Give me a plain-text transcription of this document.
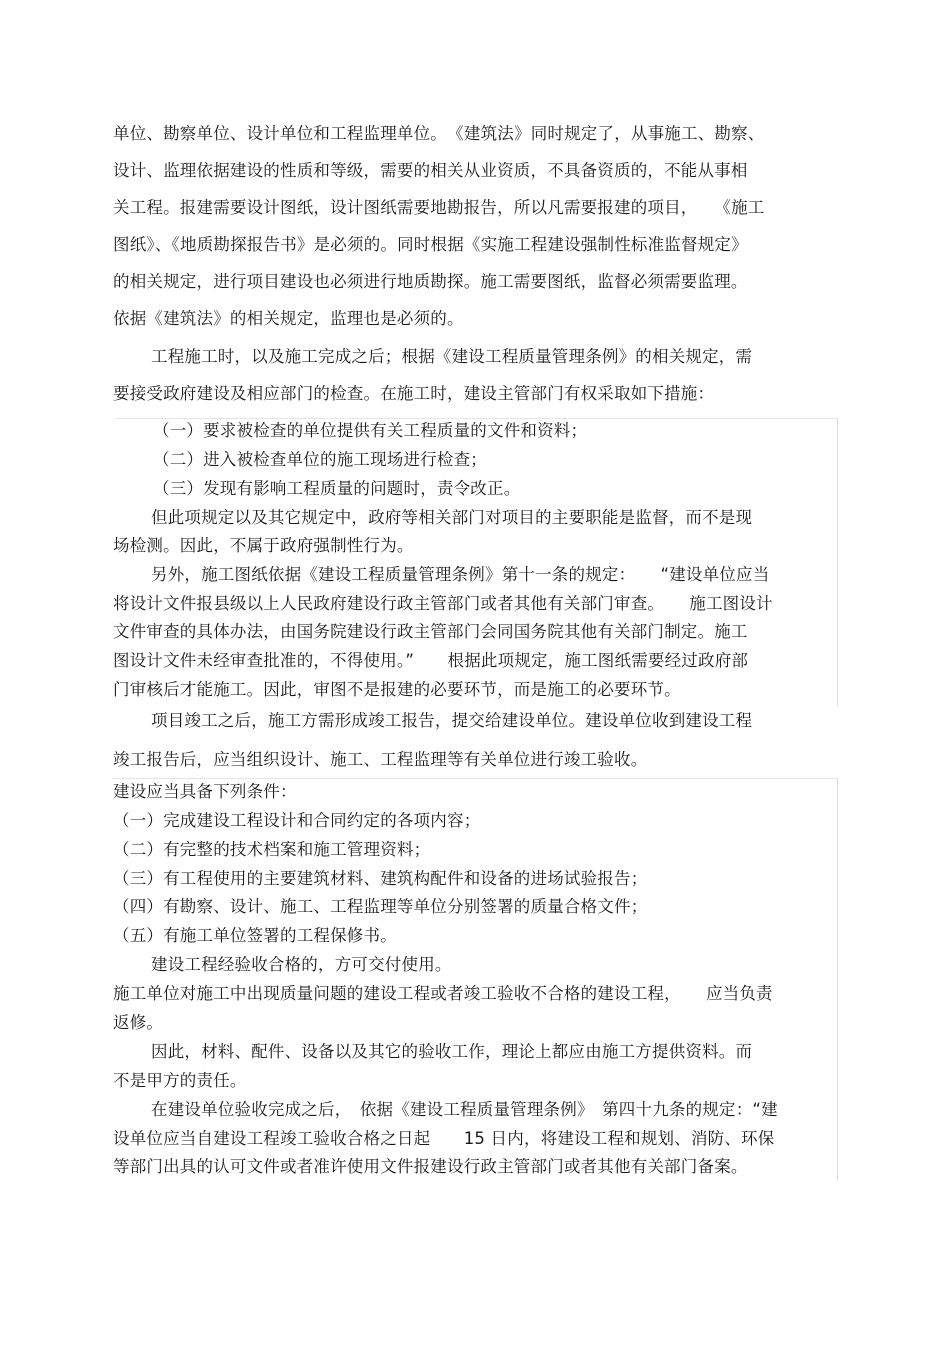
单位、勘察单位、设计单位和工程监理单位。　《建筑法》同时规定了，从事施工、勘察、
设计、监理依据建设的性质和等级，需要的相关从业资质，不具备资质的，不能从事相
关工程。报建需要设计图纸，设计图纸需要地勘报告，所以凡需要报建的项目，　　《施工
图纸》、《地质勘探报告书》是必须的。同时根据《实施工程建设强制性标准监督规定》
的相关规定，进行项目建设也必须进行地质勘探。施工需要图纸，监督必须需要监理。
依据《建筑法》的相关规定，监理也是必须的。
工程施工时，以及施工完成之后；根据《建设工程质量管理条例》的相关规定，需
要接受政府建设及相应部门的检查。在施工时，建设主管部门有权采取如下措施：
（一）要求被检查的单位提供有关工程质量的文件和资料；
（二）进入被检查单位的施工现场进行检查；
（三）发现有影响工程质量的问题时，责令改正。
但此项规定以及其它规定中，政府等相关部门对项目的主要职能是监督，而不是现
场检测。因此，不属于政府强制性行为。
另外，施工图纸依据《建设工程质量管理条例》第十一条的规定：　　“建设单位应当
将设计文件报县级以上人民政府建设行政主管部门或者其他有关部门审查。　　施工图设计
文件审查的具体办法，由国务院建设行政主管部门会同国务院其他有关部门制定。施工
图设计文件未经审查批准的，不得使用。”　　根据此项规定，施工图纸需要经过政府部
门审核后才能施工。因此，审图不是报建的必要环节，而是施工的必要环节。
项目竣工之后，施工方需形成竣工报告，提交给建设单位。建设单位收到建设工程
竣工报告后，应当组织设计、施工、工程监理等有关单位进行竣工验收。
建设应当具备下列条件：
（一）完成建设工程设计和合同约定的各项内容；
（二）有完整的技术档案和施工管理资料；
（三）有工程使用的主要建筑材料、建筑构配件和设备的进场试验报告；
（四）有勘察、设计、施工、工程监理等单位分别签署的质量合格文件；
（五）有施工单位签署的工程保修书。
建设工程经验收合格的，方可交付使用。
施工单位对施工中出现质量问题的建设工程或者竣工验收不合格的建设工程，　　应当负责
返修。
因此，材料、配件、设备以及其它的验收工作，理论上都应由施工方提供资料。而
不是甲方的责任。
在建设单位验收完成之后，　依据《建设工程质量管理条例》　第四十九条的规定：“建
设单位应当自建设工程竣工验收合格之日起　　15 日内，将建设工程和规划、消防、环保
等部门出具的认可文件或者准许使用文件报建设行政主管部门或者其他有关部门备案。
